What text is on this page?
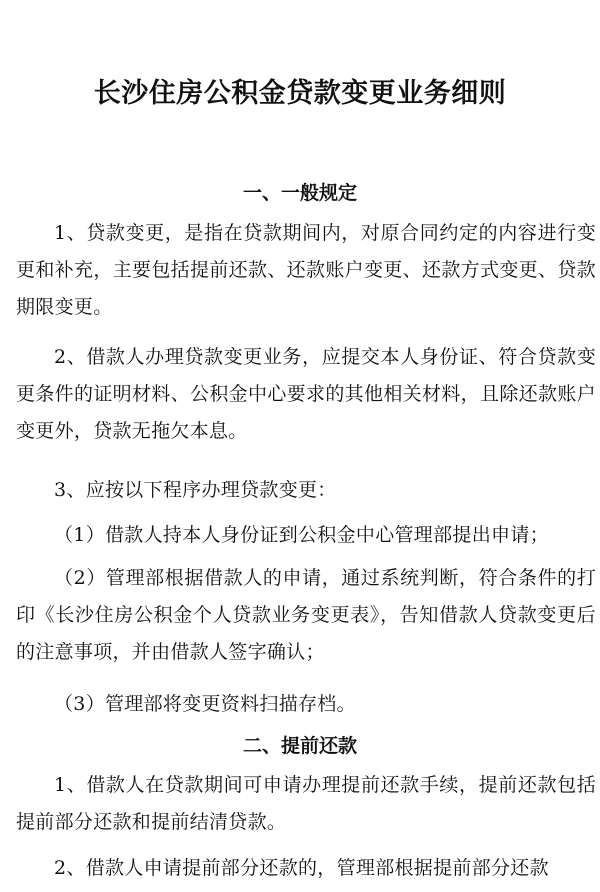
长沙住房公积金贷款变更业务细则
一、一般规定
1、贷款变更，是指在贷款期间内，对原合同约定的内容进行变更和补充，主要包括提前还款、还款账户变更、还款方式变更、贷款期限变更。
2、借款人办理贷款变更业务，应提交本人身份证、符合贷款变更条件的证明材料、公积金中心要求的其他相关材料，且除还款账户变更外，贷款无拖欠本息。
3、应按以下程序办理贷款变更：
（1）借款人持本人身份证到公积金中心管理部提出申请；
（2）管理部根据借款人的申请，通过系统判断，符合条件的打印《长沙住房公积金个人贷款业务变更表》，告知借款人贷款变更后的注意事项，并由借款人签字确认；
（3）管理部将变更资料扫描存档。
二、提前还款
1、借款人在贷款期间可申请办理提前还款手续，提前还款包括提前部分还款和提前结清贷款。
2、借款人申请提前部分还款的，管理部根据提前部分还款
